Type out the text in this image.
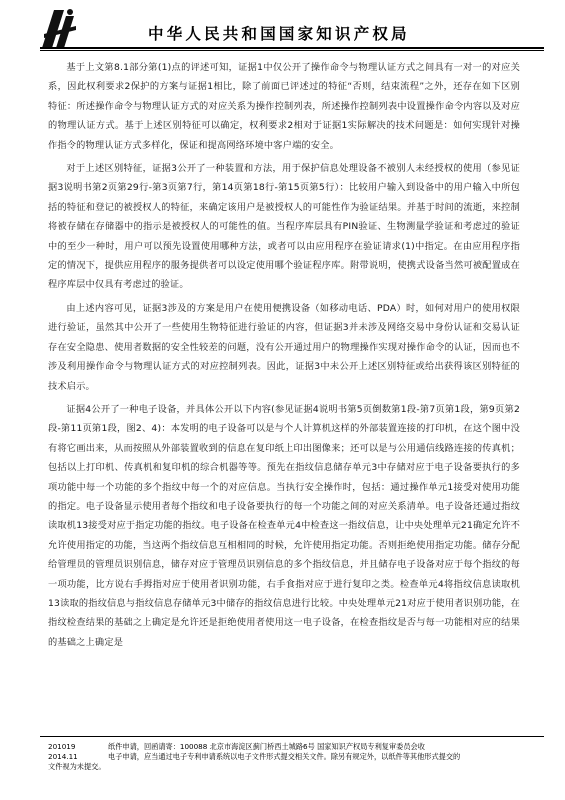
中华人民共和国国家知识产权局

基于上文第8.1部分第(1)点的评述可知，证据1中仅公开了操作命令与物理认证方式之间具有一对一的对应关系，因此权利要求2保护的方案与证据1相比，除了前面已评述过的特征“否则，结束流程”之外，还存在如下区别特征：所述操作命令与物理认证方式的对应关系为操作控制列表，所述操作控制列表中设置操作命令内容以及对应的物理认证方式。基于上述区别特征可以确定，权利要求2相对于证据1实际解决的技术问题是：如何实现针对操作指令的物理认证方式多样化，保证和提高网络环境中客户端的安全。

对于上述区别特征，证据3公开了一种装置和方法，用于保护信息处理设备不被别人未经授权的使用（参见证据3说明书第2页第29行-第3页第7行，第14页第18行-第15页第5行）：比较用户输入到设备中的用户输入中所包括的特征和登记的被授权人的特征，来确定该用户是被授权人的可能性作为验证结果。并基于时间的流逝，来控制将被存储在存储器中的指示是被授权人的可能性的值。当程序库层具有PIN验证、生物测量学验证和考虑过的验证中的至少一种时，用户可以预先设置使用哪种方法，或者可以由应用程序在验证请求(1)中指定。在由应用程序指定的情况下，提供应用程序的服务提供者可以设定使用哪个验证程序库。附带说明，使携式设备当然可被配置成在程序库层中仅具有考虑过的验证。

由上述内容可见，证据3涉及的方案是用户在使用便携设备（如移动电话、PDA）时，如何对用户的使用权限进行验证，虽然其中公开了一些使用生物特征进行验证的内容，但证据3并未涉及网络交易中身份认证和交易认证存在安全隐患、使用者数据的安全性较差的问题，没有公开通过用户的物理操作实现对操作命令的认证，因而也不涉及利用操作命令与物理认证方式的对应控制列表。因此，证据3中未公开上述区别特征或给出获得该区别特征的技术启示。

证据4公开了一种电子设备，并具体公开以下内容(参见证据4说明书第5页倒数第1段-第7页第1段，第9页第2段-第11页第1段，图2、4)：本发明的电子设备可以是与个人计算机这样的外部装置连接的打印机，在这个图中没有将它画出来，从而按照从外部装置收到的信息在复印纸上印出图像来；还可以是与公用通信线路连接的传真机；包括以上打印机、传真机和复印机的综合机器等等。预先在指纹信息储存单元3中存储对应于电子设备要执行的多项功能中每一个功能的多个指纹中每一个的对应信息。当执行安全操作时，包括：通过操作单元1接受对使用功能的指定。电子设备显示使用者每个指纹和电子设备要执行的每一个功能之间的对应关系清单。电子设备还通过指纹读取机13接受对应于指定功能的指纹。电子设备在检查单元4中检查这一指纹信息，让中央处理单元21确定允许不允许使用指定的功能，当这两个指纹信息互相相同的时候，允许使用指定功能。否则拒绝使用指定功能。储存分配给管理员的管理员识别信息，储存对应于管理员识别信息的多个指纹信息，并且储存电子设备对应于每个指纹的每一项功能，比方说右手拇指对应于使用者识别功能，右手食指对应于进行复印之类。检查单元4将指纹信息读取机13读取的指纹信息与指纹信息存储单元3中储存的指纹信息进行比较。中央处理单元21对应于使用者识别功能，在指纹检查结果的基础之上确定是允许还是拒绝使用者使用这一电子设备，在检查指纹是否与每一功能相对应的结果的基础之上确定是

201019	纸件申请，回函请寄：100088 北京市海淀区蓟门桥西土城路6号 国家知识产权局专利复审委员会收
2014.11	电子申请，应当通过电子专利申请系统以电子文件形式提交相关文件。除另有规定外，以纸件等其他形式提交的
文件视为未提交。
